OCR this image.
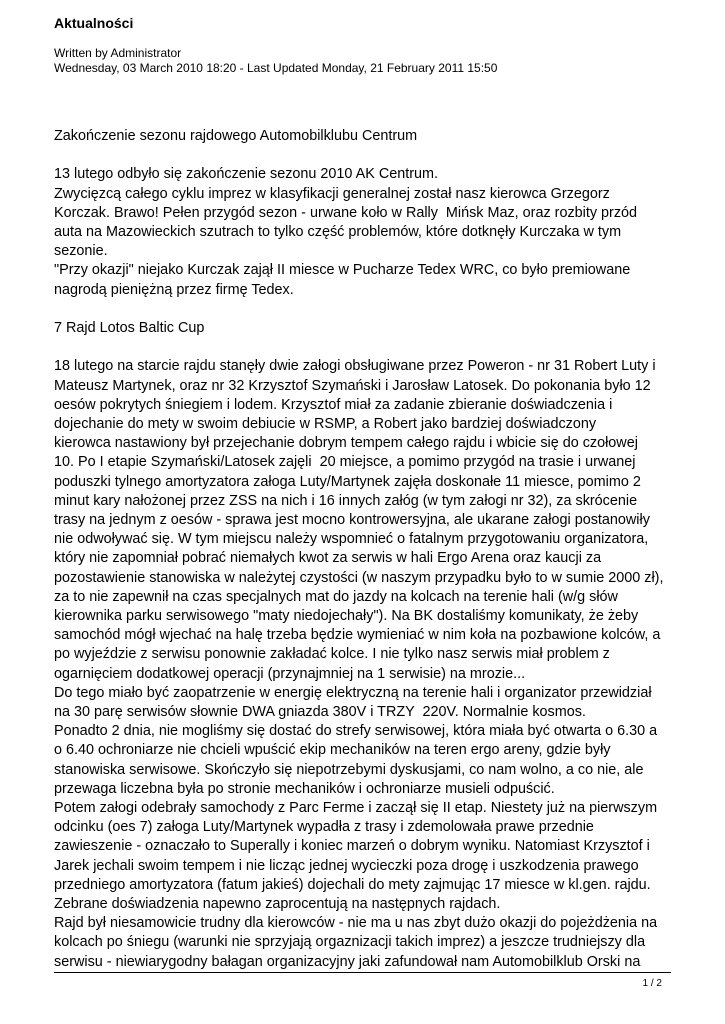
Aktualności
Written by Administrator
Wednesday, 03 March 2010 18:20 - Last Updated Monday, 21 February 2011 15:50

Zakończenie sezonu rajdowego Automobilklubu Centrum

13 lutego odbyło się zakończenie sezonu 2010 AK Centrum.
Zwycięzcą całego cyklu imprez w klasyfikacji generalnej został nasz kierowca Grzegorz
Korczak. Brawo! Pełen przygód sezon - urwane koło w Rally  Mińsk Maz, oraz rozbity przód
auta na Mazowieckich szutrach to tylko część problemów, które dotknęły Kurczaka w tym
sezonie.
"Przy okazji" niejako Kurczak zajął II miesce w Pucharze Tedex WRC, co było premiowane
nagrodą pieniężną przez firmę Tedex.

7 Rajd Lotos Baltic Cup

18 lutego na starcie rajdu stanęły dwie załogi obsługiwane przez Poweron - nr 31 Robert Luty i
Mateusz Martynek, oraz nr 32 Krzysztof Szymański i Jarosław Latosek. Do pokonania było 12
oesów pokrytych śniegiem i lodem. Krzysztof miał za zadanie zbieranie doświadczenia i
dojechanie do mety w swoim debiucie w RSMP, a Robert jako bardziej doświadczony
kierowca nastawiony był przejechanie dobrym tempem całego rajdu i wbicie się do czołowej
10. Po I etapie Szymański/Latosek zajęli  20 miejsce, a pomimo przygód na trasie i urwanej
poduszki tylnego amortyzatora załoga Luty/Martynek zajęła doskonałe 11 miesce, pomimo 2
minut kary nałożonej przez ZSS na nich i 16 innych załóg (w tym załogi nr 32), za skrócenie
trasy na jednym z oesów - sprawa jest mocno kontrowersyjna, ale ukarane załogi postanowiły
nie odwoływać się. W tym miejscu należy wspomnieć o fatalnym przygotowaniu organizatora,
który nie zapomniał pobrać niemałych kwot za serwis w hali Ergo Arena oraz kaucji za
pozostawienie stanowiska w należytej czystości (w naszym przypadku było to w sumie 2000 zł),
za to nie zapewnił na czas specjalnych mat do jazdy na kolcach na terenie hali (w/g słów
kierownika parku serwisowego "maty niedojechały"). Na BK dostaliśmy komunikaty, że żeby
samochód mógł wjechać na halę trzeba będzie wymieniać w nim koła na pozbawione kolców, a
po wyjeździe z serwisu ponownie zakładać kolce. I nie tylko nasz serwis miał problem z
ogarnięciem dodatkowej operacji (przynajmniej na 1 serwisie) na mrozie...
Do tego miało być zaopatrzenie w energię elektryczną na terenie hali i organizator przewidział
na 30 parę serwisów słownie DWA gniazda 380V i TRZY  220V. Normalnie kosmos.
Ponadto 2 dnia, nie mogliśmy się dostać do strefy serwisowej, która miała być otwarta o 6.30 a
o 6.40 ochroniarze nie chcieli wpuścić ekip mechaników na teren ergo areny, gdzie były
stanowiska serwisowe. Skończyło się niepotrzebymi dyskusjami, co nam wolno, a co nie, ale
przewaga liczebna była po stronie mechaników i ochroniarze musieli odpuścić.
Potem załogi odebrały samochody z Parc Ferme i zaczął się II etap. Niestety już na pierwszym
odcinku (oes 7) załoga Luty/Martynek wypadła z trasy i zdemolowała prawe przednie
zawieszenie - oznaczało to Superally i koniec marzeń o dobrym wyniku. Natomiast Krzysztof i
Jarek jechali swoim tempem i nie licząc jednej wycieczki poza drogę i uszkodzenia prawego
przedniego amortyzatora (fatum jakieś) dojechali do mety zajmując 17 miesce w kl.gen. rajdu.
Zebrane doświadzenia napewno zaprocentują na następnych rajdach.
Rajd był niesamowicie trudny dla kierowców - nie ma u nas zbyt dużo okazji do pojeżdżenia na
kolcach po śniegu (warunki nie sprzyjają orgaznizacji takich imprez) a jeszcze trudniejszy dla
serwisu - niewiarygodny bałagan organizacyjny jaki zafundował nam Automobilklub Orski na
1 / 2
